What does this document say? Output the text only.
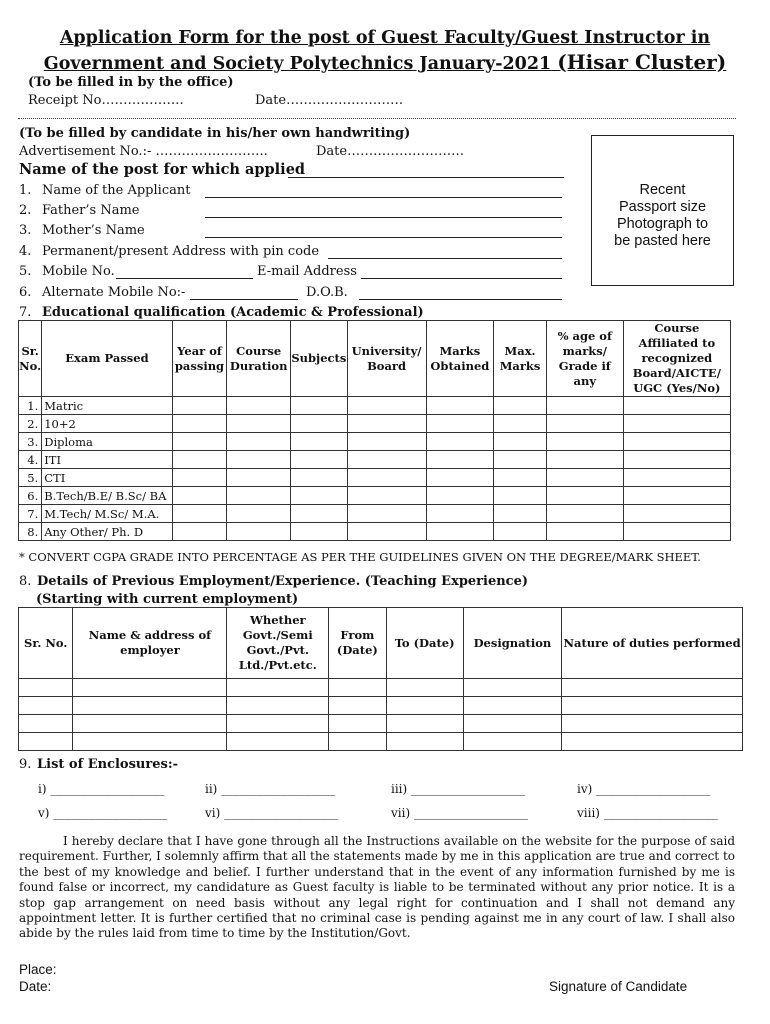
Application Form for the post of Guest Faculty/Guest Instructor in
Government and Society Polytechnics January-2021 (Hisar Cluster)
(To be filled in by the office)
Receipt No……………….	Date………………………
(To be filled by candidate in his/her own handwriting)
Advertisement No.:- ……………………..	Date………………………
Name of the post for which applied
Recent
Passport size
Photograph to
be pasted here
1. Name of the Applicant
2. Father’s Name
3. Mother’s Name
4. Permanent/present Address with pin code
5. Mobile No.	E-mail Address
6. Alternate Mobile No:-	D.O.B.
7. Educational qualification (Academic & Professional)
Sr. No.	Exam Passed	Year of passing	Course Duration	Subjects	University/ Board	Marks Obtained	Max. Marks	% age of marks/ Grade if any	Course Affiliated to recognized Board/AICTE/ UGC (Yes/No)
1.	Matric								
2.	10+2								
3.	Diploma								
4.	ITI								
5.	CTI								
6.	B.Tech/B.E/ B.Sc/ BA								
7.	M.Tech/ M.Sc/ M.A.								
8.	Any Other/ Ph. D								
* CONVERT CGPA GRADE INTO PERCENTAGE AS PER THE GUIDELINES GIVEN ON THE DEGREE/MARK SHEET.
8. Details of Previous Employment/Experience. (Teaching Experience)
(Starting with current employment)
Sr. No.	Name & address of employer	Whether Govt./Semi Govt./Pvt. Ltd./Pvt.etc.	From (Date)	To (Date)	Designation	Nature of duties performed

9. List of Enclosures:-
i) ___________________	ii) ___________________	iii) ___________________	iv) ___________________
v) ___________________	vi) ___________________	vii) ___________________	viii) ___________________
I hereby declare that I have gone through all the Instructions available on the website for the purpose of said requirement. Further, I solemnly affirm that all the statements made by me in this application are true and correct to the best of my knowledge and belief. I further understand that in the event of any information furnished by me is found false or incorrect, my candidature as Guest faculty is liable to be terminated without any prior notice. It is a stop gap arrangement on need basis without any legal right for continuation and I shall not demand any appointment letter. It is further certified that no criminal case is pending against me in any court of law. I shall also abide by the rules laid from time to time by the Institution/Govt.
Place:
Date:	Signature of Candidate
